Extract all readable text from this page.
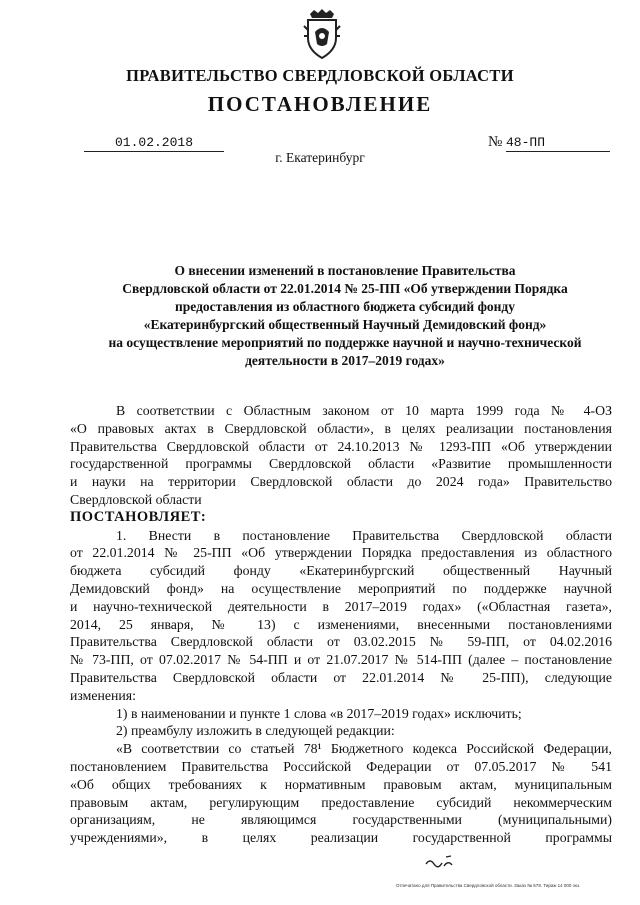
ПРАВИТЕЛЬСТВО СВЕРДЛОВСКОЙ ОБЛАСТИ
ПОСТАНОВЛЕНИЕ
01.02.2018	№ 48-ПП
г. Екатеринбург
О внесении изменений в постановление Правительства
Свердловской области от 22.01.2014 № 25-ПП «Об утверждении Порядка
предоставления из областного бюджета субсидий фонду
«Екатеринбургский общественный Научный Демидовский фонд»
на осуществление мероприятий по поддержке научной и научно-технической
деятельности в 2017–2019 годах»
В соответствии с Областным законом от 10 марта 1999 года № 4-ОЗ
«О правовых актах в Свердловской области», в целях реализации постановления
Правительства Свердловской области от 24.10.2013 № 1293-ПП «Об утверждении
государственной программы Свердловской области «Развитие промышленности
и науки на территории Свердловской области до 2024 года» Правительство
Свердловской области
ПОСТАНОВЛЯЕТ:
1. Внести в постановление Правительства Свердловской области
от 22.01.2014 № 25-ПП «Об утверждении Порядка предоставления из областного
бюджета субсидий фонду «Екатеринбургский общественный Научный
Демидовский фонд» на осуществление мероприятий по поддержке научной
и научно-технической деятельности в 2017–2019 годах» («Областная газета»,
2014, 25 января, № 13) с изменениями, внесенными постановлениями
Правительства Свердловской области от 03.02.2015 № 59-ПП, от 04.02.2016
№ 73-ПП, от 07.02.2017 № 54-ПП и от 21.07.2017 № 514-ПП (далее – постановление
Правительства Свердловской области от 22.01.2014 № 25-ПП), следующие
изменения:
1) в наименовании и пункте 1 слова «в 2017–2019 годах» исключить;
2) преамбулу изложить в следующей редакции:
«В соответствии со статьей 78¹ Бюджетного кодекса Российской Федерации,
постановлением Правительства Российской Федерации от 07.05.2017 № 541
«Об общих требованиях к нормативным правовым актам, муниципальным
правовым актам, регулирующим предоставление субсидий некоммерческим
организациям, не являющимся государственными (муниципальными)
учреждениями», в целях реализации государственной программы
Отпечатано для Правительства Свердловской области. Заказ № 578. Тираж 14 000 экз.
